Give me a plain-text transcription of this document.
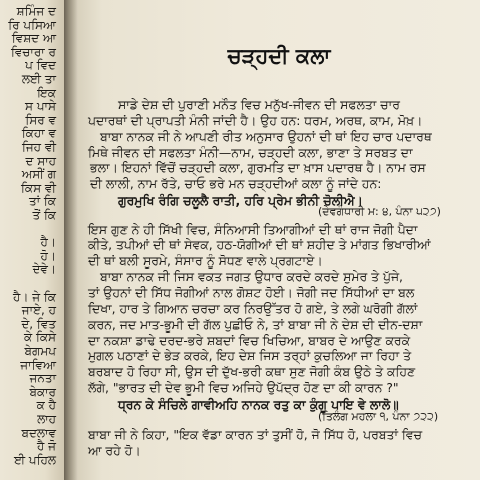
ਸ਼ਮਿੰਜ ਦ
ਰਿ ਪਸਿਆ
ਵਿਸ਼ਦ ਆ
ਵਿਚਾਰਾ ਰ
ਪ ਵਿਦ
ਲਈ ਤਾ
ਇਕ
ਸ ਪਾਸੇ
ਸਿਰ ਵ
ਕਿਹਾ ਵ
ਜਿਹ ਵੀ
ਦ ਸਾਹ
ਅਸੀਂ ਗ
ਕਿਸ ਵੀ
ਤਾਂ ਕਿ
ਤੋਂ ਕਿ
ਹੈ।
ਹੋ।
ਦੇਵੇ।
ਹੈ। ਜੇ ਕਿ
ਜਾਏ, ਹ
ਦੇ, ਵਿਤ
ਕੇ ਕਿਸੇ
ਬੇਗਮਪ
ਜਾਵਿਆ
ਜਨਤਾ
ਬੇਕਾਰ
ਕ ਹੈ
ਲਾਹ
ਬਦਲਾਵ
ਹੈ ਜੋ
ਈ ਪਹਿਲ
ਚੜ੍ਹਦੀ ਕਲਾ
ਸਾਡੇ ਦੇਸ਼ ਦੀ ਪੁਰਾਣੀ ਮਨੌਤ ਵਿਚ ਮਨੁੱਖ-ਜੀਵਨ ਦੀ ਸਫਲਤਾ ਚਾਰ
ਪਦਾਰਥਾਂ ਦੀ ਪ੍ਰਾਪਤੀ ਮੰਨੀ ਜਾਂਦੀ ਹੈ। ਉਹ ਹਨ: ਧਰਮ, ਅਰਥ, ਕਾਮ, ਮੋਖ਼।
ਬਾਬਾ ਨਾਨਕ ਜੀ ਨੇ ਆਪਣੀ ਰੀਤ ਅਨੁਸਾਰ ਉਹਨਾਂ ਦੀ ਥਾਂ ਇਹ ਚਾਰ ਪਦਾਰਥ
ਮਿਥੇ ਜੀਵਨ ਦੀ ਸਫਲਤਾ ਮੰਨੀ—ਨਾਮ, ਚੜ੍ਹਦੀ ਕਲਾ, ਭਾਣਾ ਤੇ ਸਰਬਤ ਦਾ
ਭਲਾ। ਇਹਨਾਂ ਵਿੱਚੋਂ ਚੜ੍ਹਦੀ ਕਲਾ, ਗੁਰਮਤਿ ਦਾ ਖ਼ਾਸ ਪਦਾਰਥ ਹੈ। ਨਾਮ ਰਸ
ਦੀ ਲਾਲੀ, ਨਾਮ ਰੱਤੇ, ਚਾਓ ਭਰੇ ਮਨ ਚੜ੍ਹਦੀਆਂ ਕਲਾ ਨੂੰ ਜਾਂਦੇ ਹਨ:
ਗੁਰਮੁਖਿ ਰੰਗਿ ਚਲੂਲੈ ਰਾਤੀ, ਹਰਿ ਪ੍ਰੇਮ ਭੀਨੀ ਚੋਲੀਐ।
(ਦੇਵਗੰਧਾਰੀ ਮ: ੪, ਪੰਨਾ ੫੨੭)
ਇਸ ਗੁਣ ਨੇ ਹੀ ਸਿੱਖੀ ਵਿਚ, ਸੰਨਿਆਸੀ ਤਿਆਗੀਆਂ ਦੀ ਥਾਂ ਰਾਜ ਜੋਗੀ ਪੈਦਾ
ਕੀਤੇ, ਤਪੀਆਂ ਦੀ ਥਾਂ ਸੇਵਕ, ਹਠ-ਯੋਗੀਆਂ ਦੀ ਥਾਂ ਸ਼ਹੀਦ ਤੇ ਮਾਂਗਤ ਭਿਖਾਰੀਆਂ
ਦੀ ਥਾਂ ਬਲੀ ਸੂਰਮੇ, ਸੰਸਾਰ ਨੂੰ ਸੋਧਣ ਵਾਲੇ ਪ੍ਰਗਟਾਏ।
ਬਾਬਾ ਨਾਨਕ ਜੀ ਜਿਸ ਵਕਤ ਜਗਤ ਉਧਾਰ ਕਰਦੇ ਕਰਦੇ ਸੁਮੇਰ ਤੇ ਪੁੱਜੇ,
ਤਾਂ ਉਹਨਾਂ ਦੀ ਸਿੱਧ ਜੋਗੀਆਂ ਨਾਲ ਗੋਸ਼ਟ ਹੋਈ। ਜੋਗੀ ਜਦ ਸਿੱਧੀਆਂ ਦਾ ਬਲ
ਦਿਖਾ, ਹਾਰ ਤੇ ਗਿਆਨ ਚਰਚਾ ਕਰ ਨਿਰਉੱਤਰ ਹੋ ਗਏ, ਤੇ ਲਗੇ ਘਰੋਗੀ ਗੱਲਾਂ
ਕਰਨ, ਜਦ ਮਾਤ-ਭੂਮੀ ਦੀ ਗੱਲ ਪੁਛੀਓ ਨੇ, ਤਾਂ ਬਾਬਾ ਜੀ ਨੇ ਦੇਸ਼ ਦੀ ਦੀਨ-ਦਸ਼ਾ
ਦਾ ਨਕਸ਼ਾ ਡਾਢੇ ਦਰਦ-ਭਰੇ ਸ਼ਬਦਾਂ ਵਿਚ ਖਿਚਿਆ, ਬਾਬਰ ਦੇ ਆਉਣ ਕਰਕੇ
ਮੁਗਲ ਪਠਾਣਾਂ ਦੇ ਭੇੜ ਕਰਕੇ, ਇਹ ਦੇਸ਼ ਜਿਸ ਤਰ੍ਹਾਂ ਕੁਚਲਿਆ ਜਾ ਰਿਹਾ ਤੇ
ਬਰਬਾਦ ਹੋ ਰਿਹਾ ਸੀ, ਉਸ ਦੀ ਦੁੱਖ-ਭਰੀ ਕਥਾ ਸੁਣ ਜੋਗੀ ਕੰਬ ਉਠੇ ਤੇ ਕਹਿਣ
ਲੱਗੇ, "ਭਾਰਤ ਦੀ ਦੇਵ ਭੂਮੀ ਵਿਚ ਅਜਿਹੇ ਉਪੱਦ੍ਰ ਹੋਣ ਦਾ ਕੀ ਕਾਰਨ ?"
ਧ੍ਰਨ ਕੇ ਸੰਚਿਲੇ ਗਾਵੀਅਹਿ ਨਾਨਕ ਰਤੁ ਕਾ ਕੁੰਗੂ ਪਾਇ ਵੇ ਲਾਲੋ॥
(ਤਿਲੰਗ ਮਹਲਾ ੧, ਪੰਨਾ ੭੨੨)
ਬਾਬਾ ਜੀ ਨੇ ਕਿਹਾ, "ਇਕ ਵੱਡਾ ਕਾਰਨ ਤਾਂ ਤੁਸੀਂ ਹੋ, ਜੋ ਸਿੱਧ ਹੋ, ਪਰਬਤਾਂ ਵਿਚ
ਆ ਰਹੇ ਹੋ।
